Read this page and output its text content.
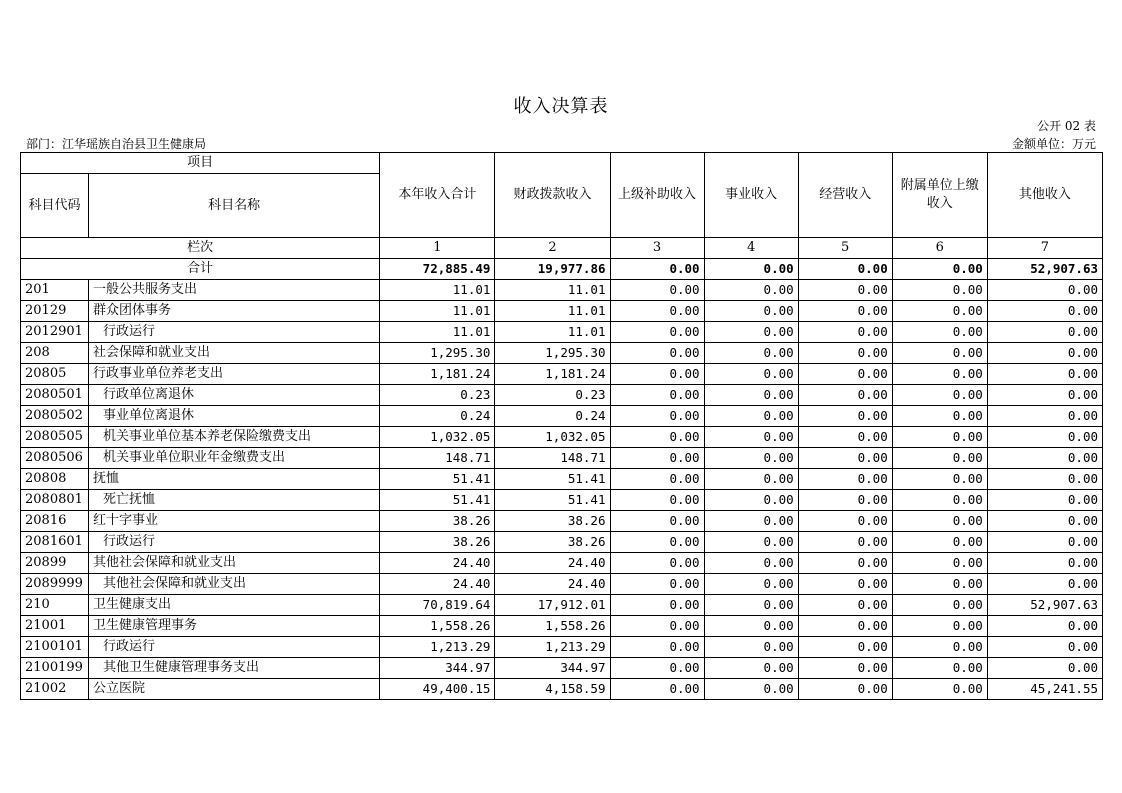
收入决算表
公开 02 表
部门：江华瑶族自治县卫生健康局	金额单位：万元
项目		本年收入合计	财政拨款收入	上级补助收入	事业收入	经营收入	附属单位上缴收入	其他收入
科目代码	科目名称							
栏次		1	2	3	4	5	6	7
合计		72,885.49	19,977.86	0.00	0.00	0.00	0.00	52,907.63
201	一般公共服务支出	11.01	11.01	0.00	0.00	0.00	0.00	0.00
20129	群众团体事务	11.01	11.01	0.00	0.00	0.00	0.00	0.00
2012901	行政运行	11.01	11.01	0.00	0.00	0.00	0.00	0.00
208	社会保障和就业支出	1,295.30	1,295.30	0.00	0.00	0.00	0.00	0.00
20805	行政事业单位养老支出	1,181.24	1,181.24	0.00	0.00	0.00	0.00	0.00
2080501	行政单位离退休	0.23	0.23	0.00	0.00	0.00	0.00	0.00
2080502	事业单位离退休	0.24	0.24	0.00	0.00	0.00	0.00	0.00
2080505	机关事业单位基本养老保险缴费支出	1,032.05	1,032.05	0.00	0.00	0.00	0.00	0.00
2080506	机关事业单位职业年金缴费支出	148.71	148.71	0.00	0.00	0.00	0.00	0.00
20808	抚恤	51.41	51.41	0.00	0.00	0.00	0.00	0.00
2080801	死亡抚恤	51.41	51.41	0.00	0.00	0.00	0.00	0.00
20816	红十字事业	38.26	38.26	0.00	0.00	0.00	0.00	0.00
2081601	行政运行	38.26	38.26	0.00	0.00	0.00	0.00	0.00
20899	其他社会保障和就业支出	24.40	24.40	0.00	0.00	0.00	0.00	0.00
2089999	其他社会保障和就业支出	24.40	24.40	0.00	0.00	0.00	0.00	0.00
210	卫生健康支出	70,819.64	17,912.01	0.00	0.00	0.00	0.00	52,907.63
21001	卫生健康管理事务	1,558.26	1,558.26	0.00	0.00	0.00	0.00	0.00
2100101	行政运行	1,213.29	1,213.29	0.00	0.00	0.00	0.00	0.00
2100199	其他卫生健康管理事务支出	344.97	344.97	0.00	0.00	0.00	0.00	0.00
21002	公立医院	49,400.15	4,158.59	0.00	0.00	0.00	0.00	45,241.55
